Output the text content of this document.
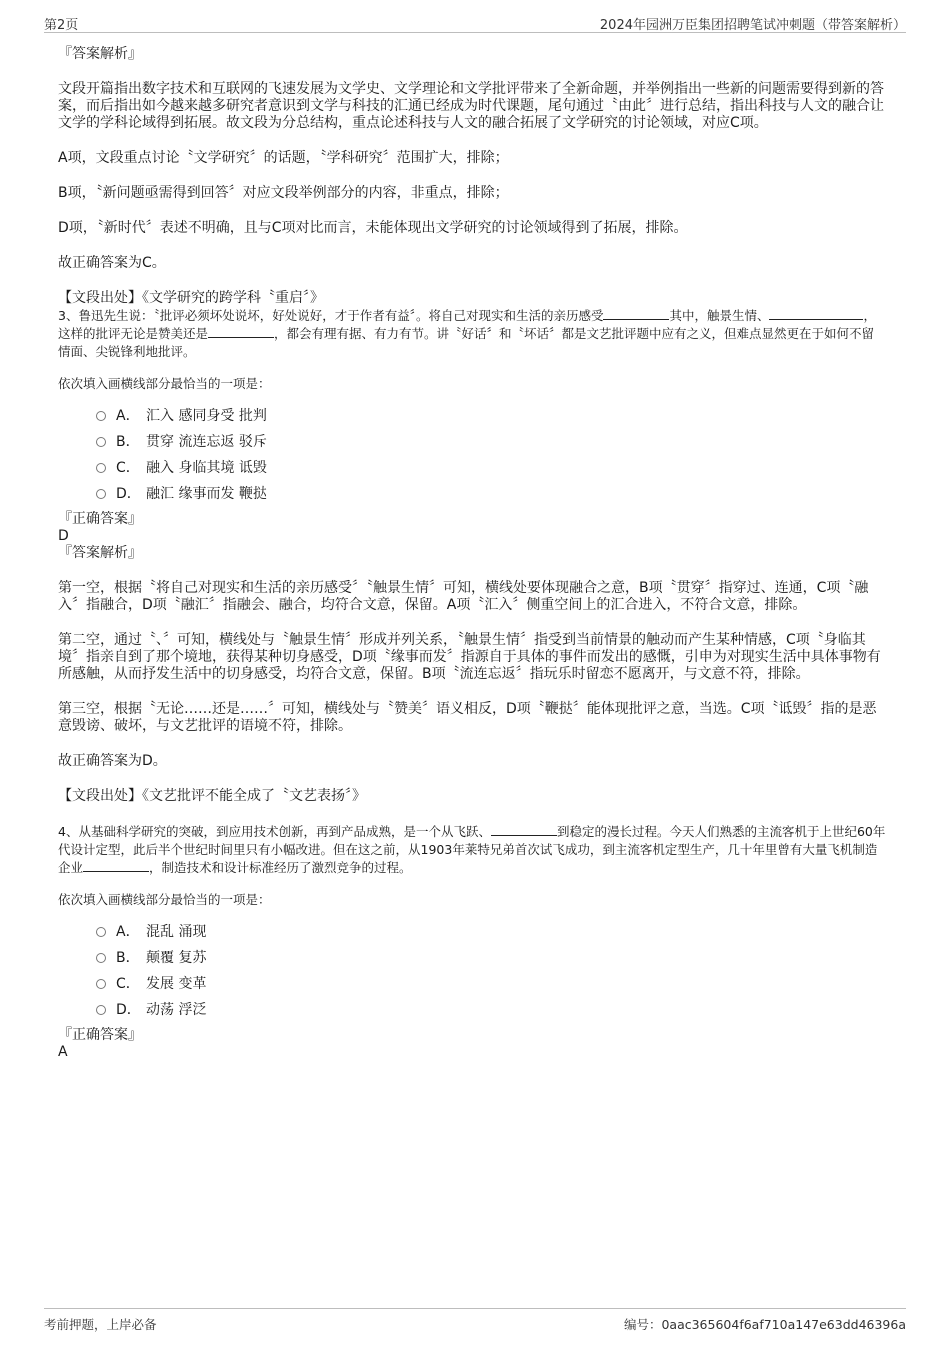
第2页	2024年园洲万臣集团招聘笔试冲刺题（带答案解析）

『答案解析』

文段开篇指出数字技术和互联网的飞速发展为文学史、文学理论和文学批评带来了全新命题，并举例指出一些新的问题需要得到新的答案，而后指出如今越来越多研究者意识到文学与科技的汇通已经成为时代课题，尾句通过〝由此〞进行总结，指出科技与人文的融合让文学的学科论域得到拓展。故文段为分总结构，重点论述科技与人文的融合拓展了文学研究的讨论领域，对应C项。

A项，文段重点讨论〝文学研究〞的话题，〝学科研究〞范围扩大，排除；

B项，〝新问题亟需得到回答〞对应文段举例部分的内容，非重点，排除；

D项，〝新时代〞表述不明确，且与C项对比而言，未能体现出文学研究的讨论领域得到了拓展，排除。

故正确答案为C。

【文段出处】《文学研究的跨学科〝重启〞》

3、鲁迅先生说：〝批评必须坏处说坏，好处说好，才于作者有益〞。将自己对现实和生活的亲历感受	其中，触景生情、	，这样的批评无论是赞美还是	，都会有理有据、有力有节。讲〝好话〞和〝坏话〞都是文艺批评题中应有之义，但难点显然更在于如何不留情面、尖锐锋利地批评。

依次填入画横线部分最恰当的一项是：

A． 汇入 感同身受 批判
B． 贯穿 流连忘返 驳斥
C． 融入 身临其境 诋毁
D． 融汇 缘事而发 鞭挞

『正确答案』

D

『答案解析』

第一空，根据〝将自己对现实和生活的亲历感受〞〝触景生情〞可知，横线处要体现融合之意，B项〝贯穿〞指穿过、连通，C项〝融入〞指融合，D项〝融汇〞指融会、融合，均符合文意，保留。A项〝汇入〞侧重空间上的汇合进入，不符合文意，排除。

第二空，通过〝、〞可知，横线处与〝触景生情〞形成并列关系，〝触景生情〞指受到当前情景的触动而产生某种情感，C项〝身临其境〞指亲自到了那个境地，获得某种切身感受，D项〝缘事而发〞指源自于具体的事件而发出的感慨，引申为对现实生活中具体事物有所感触，从而抒发生活中的切身感受，均符合文意，保留。B项〝流连忘返〞指玩乐时留恋不愿离开，与文意不符，排除。

第三空，根据〝无论……还是……〞可知，横线处与〝赞美〞语义相反，D项〝鞭挞〞能体现批评之意，当选。C项〝诋毁〞指的是恶意毁谤、破坏，与文艺批评的语境不符，排除。

故正确答案为D。

【文段出处】《文艺批评不能全成了〝文艺表扬〞》

4、从基础科学研究的突破，到应用技术创新，再到产品成熟，是一个从飞跃、	到稳定的漫长过程。今天人们熟悉的主流客机于上世纪60年代设计定型，此后半个世纪时间里只有小幅改进。但在这之前，从1903年莱特兄弟首次试飞成功，到主流客机定型生产，几十年里曾有大量飞机制造企业	，制造技术和设计标准经历了激烈竞争的过程。

依次填入画横线部分最恰当的一项是：

A． 混乱 涌现
B． 颠覆 复苏
C． 发展 变革
D． 动荡 浮泛

『正确答案』

A

考前押题，上岸必备	编号：0aac365604f6af710a147e63dd46396a
